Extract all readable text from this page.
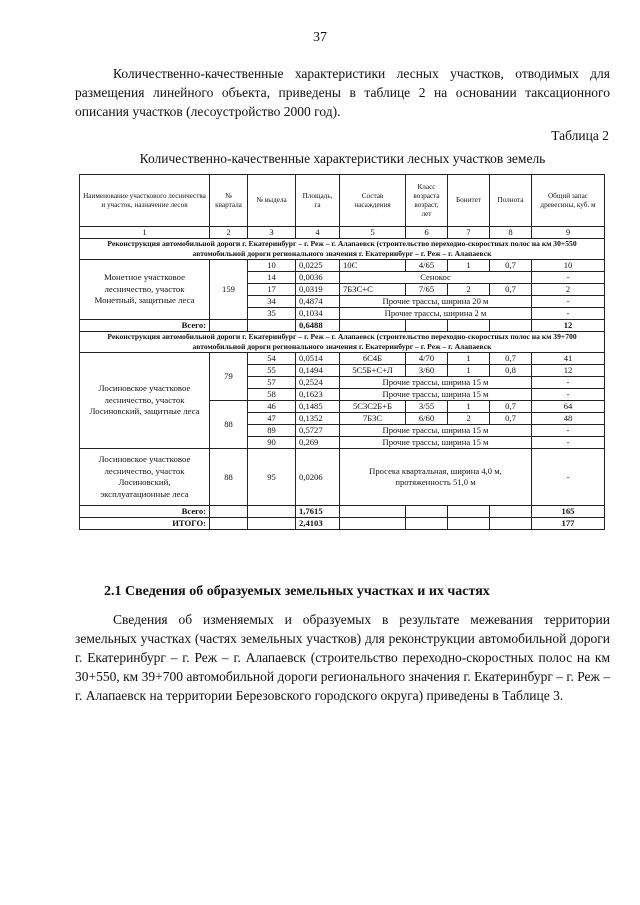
37

Количественно-качественные характеристики лесных участков, отводимых для размещения линейного объекта, приведены в таблице 2 на основании таксационного описания участков (лесоустройство 2000 год).

Таблица 2
Количественно-качественные характеристики лесных участков земель
Наименование участкового лесничества и участок, назначение лесов	№ квартала	№ выдела	Площадь, га	Состав насаждения	Класс возраста возраст, лет	Бонитет	Полнота	Общий запас древесины, куб. м
1	2	3	4	5	6	7	8	9
Реконструкция автомобильной дороги г. Екатеринбург – г. Реж – г. Алапаевск (строительство переходно-скоростных полос на км 30+550 автомобильной дороги регионального значения г. Екатеринбург – г. Реж – г. Алапаевск								
Монетное участковое лесничество, участок Монетный, защитные леса	159	10	0,0225	10С	4/65	1	0,7	10
		14	0,0036	Сенокос				-
		17	0,0319	7Б3С+С	7/65	2	0,7	2
		34	0,4874	Прочие трассы, ширина 20 м				-
		35	0,1034	Прочие трассы, ширина 2 м				-
Всего:			0,6488					12
Реконструкция автомобильной дороги г. Екатеринбург – г. Реж – г. Алапаевск (строительство переходно-скоростных полос на км 39+700 автомобильной дороги регионального значения г. Екатеринбург – г. Реж – г. Алапаевск								
Лосиновское участковое лесничество, участок Лосиновский, защитные леса	79	54	0,0514	6С4Б	4/70	1	0,7	41
		55	0,1494	5С5Б+С+Л	3/60	1	0,8	12
		57	0,2524	Прочие трассы, ширина 15 м				-
		58	0,1623	Прочие трассы, ширина 15 м				-
	88	46	0,1485	5С3С2Б+Б	3/55	1	0,7	64
		47	0,1352	7Б3С	6/60	2	0,7	48
		89	0,5727	Прочие трассы, ширина 15 м				-
		90	0,269	Прочие трассы, ширина 15 м				-
Лосиновское участковое лесничество, участок Лосиновский, эксплуатационные леса	88	95	0,0206	Просека квартальная, ширина 4,0 м, протяженность 51,0 м				-
Всего:			1,7615					165
ИТОГО:			2,4103					177
2.1 Сведения об образуемых земельных участках и их частях

Сведения об изменяемых и образуемых в результате межевания территории земельных участках (частях земельных участков) для реконструкции автомобильной дороги г. Екатеринбург – г. Реж – г. Алапаевск (строительство переходно-скоростных полос на км 30+550, км 39+700 автомобильной дороги регионального значения г. Екатеринбург – г. Реж – г. Алапаевск на территории Березовского городского округа) приведены в Таблице 3.
